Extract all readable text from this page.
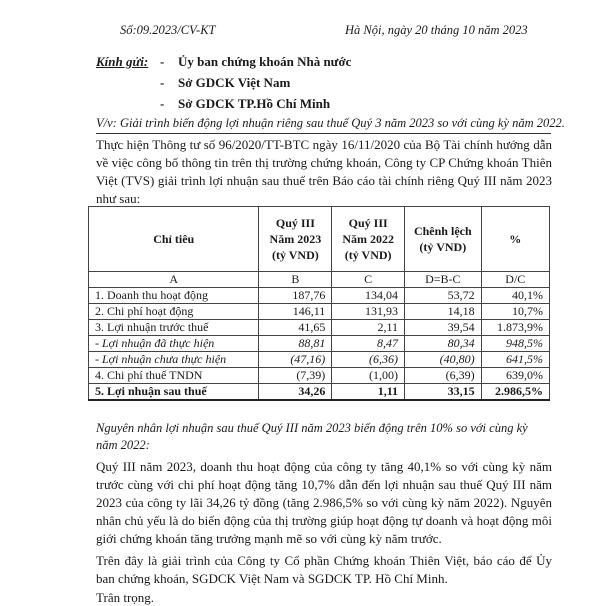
Số:09.2023/CV-KT	Hà Nội, ngày 20 tháng 10 năm 2023
Kính gửi: - Ủy ban chứng khoán Nhà nước
- Sở GDCK Việt Nam
- Sở GDCK TP.Hồ Chí Minh
V/v: Giải trình biến động lợi nhuận riêng sau thuế Quý 3 năm 2023 so với cùng kỳ năm 2022.
Thực hiện Thông tư số 96/2020/TT-BTC ngày 16/11/2020 của Bộ Tài chính hướng dẫn về việc công bố thông tin trên thị trường chứng khoán, Công ty CP Chứng khoán Thiên Việt (TVS) giải trình lợi nhuận sau thuế trên Báo cáo tài chính riêng Quý III năm 2023 như sau:
Chỉ tiêu	Quý III Năm 2023 (tỷ VND)	Quý III Năm 2022 (tỷ VND)	Chênh lệch (tỷ VND)	%
A	B	C	D=B-C	D/C
1. Doanh thu hoạt động	187,76	134,04	53,72	40,1%
2. Chi phí hoạt động	146,11	131,93	14,18	10,7%
3. Lợi nhuận trước thuế	41,65	2,11	39,54	1.873,9%
- Lợi nhuận đã thực hiện	88,81	8,47	80,34	948,5%
- Lợi nhuận chưa thực hiện	(47,16)	(6,36)	(40,80)	641,5%
4. Chi phí thuế TNDN	(7,39)	(1,00)	(6,39)	639,0%
5. Lợi nhuận sau thuế	34,26	1,11	33,15	2.986,5%
Nguyên nhân lợi nhuận sau thuế Quý III năm 2023 biến động trên 10% so với cùng kỳ năm 2022:
Quý III năm 2023, doanh thu hoạt động của công ty tăng 40,1% so với cùng kỳ năm trước cùng với chi phí hoạt động tăng 10,7% dẫn đến lợi nhuận sau thuế Quý III năm 2023 của công ty lãi 34,26 tỷ đồng (tăng 2.986,5% so với cùng kỳ năm 2022). Nguyên nhân chủ yếu là do biến động của thị trường giúp hoạt động tự doanh và hoạt động môi giới chứng khoán tăng trưởng mạnh mẽ so với cùng kỳ năm trước.
Trên đây là giải trình của Công ty Cổ phần Chứng khoán Thiên Việt, báo cáo để Ủy ban chứng khoán, SGDCK Việt Nam và SGDCK TP. Hồ Chí Minh.
Trân trọng.
